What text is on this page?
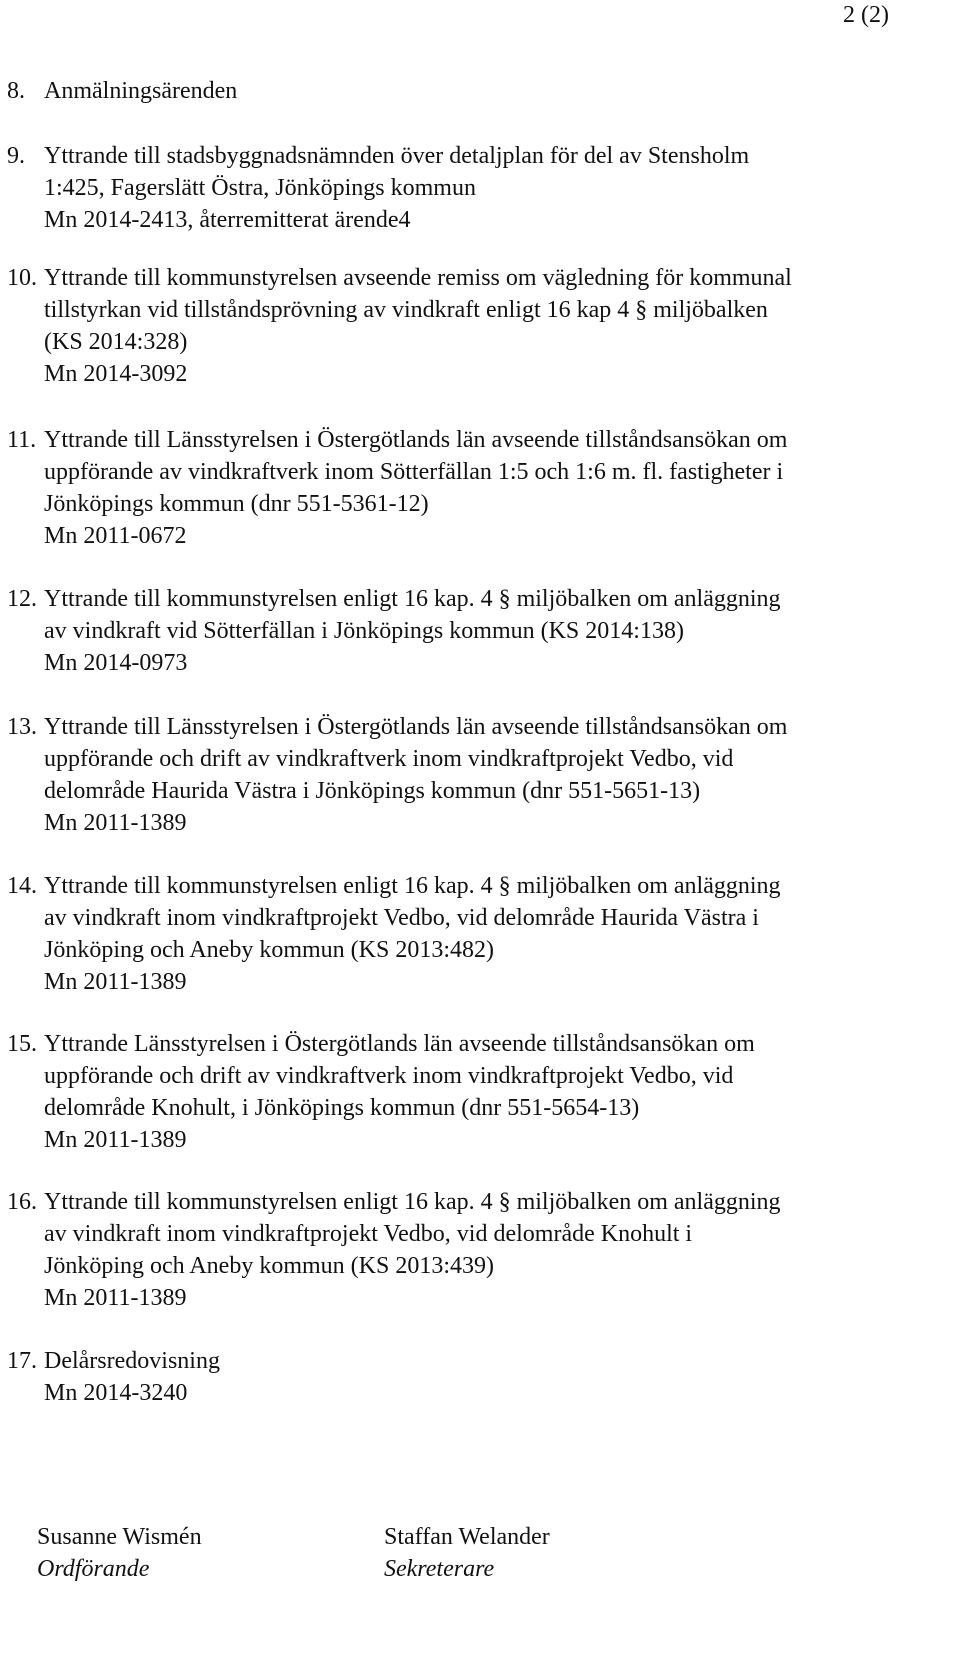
2 (2)
8. Anmälningsärenden
9. Yttrande till stadsbyggnadsnämnden över detaljplan för del av Stensholm
1:425, Fagerslätt Östra, Jönköpings kommun
Mn 2014-2413, återremitterat ärende4
10. Yttrande till kommunstyrelsen avseende remiss om vägledning för kommunal
tillstyrkan vid tillståndsprövning av vindkraft enligt 16 kap 4 § miljöbalken
(KS 2014:328)
Mn 2014-3092
11. Yttrande till Länsstyrelsen i Östergötlands län avseende tillståndsansökan om
uppförande av vindkraftverk inom Sötterfällan 1:5 och 1:6 m. fl. fastigheter i
Jönköpings kommun (dnr 551-5361-12)
Mn 2011-0672
12. Yttrande till kommunstyrelsen enligt 16 kap. 4 § miljöbalken om anläggning
av vindkraft vid Sötterfällan i Jönköpings kommun (KS 2014:138)
Mn 2014-0973
13. Yttrande till Länsstyrelsen i Östergötlands län avseende tillståndsansökan om
uppförande och drift av vindkraftverk inom vindkraftprojekt Vedbo, vid
delområde Haurida Västra i Jönköpings kommun (dnr 551-5651-13)
Mn 2011-1389
14. Yttrande till kommunstyrelsen enligt 16 kap. 4 § miljöbalken om anläggning
av vindkraft inom vindkraftprojekt Vedbo, vid delområde Haurida Västra i
Jönköping och Aneby kommun (KS 2013:482)
Mn 2011-1389
15. Yttrande Länsstyrelsen i Östergötlands län avseende tillståndsansökan om
uppförande och drift av vindkraftverk inom vindkraftprojekt Vedbo, vid
delområde Knohult, i Jönköpings kommun (dnr 551-5654-13)
Mn 2011-1389
16. Yttrande till kommunstyrelsen enligt 16 kap. 4 § miljöbalken om anläggning
av vindkraft inom vindkraftprojekt Vedbo, vid delområde Knohult i
Jönköping och Aneby kommun (KS 2013:439)
Mn 2011-1389
17. Delårsredovisning
Mn 2014-3240
Susanne Wismén
Ordförande
Staffan Welander
Sekreterare
